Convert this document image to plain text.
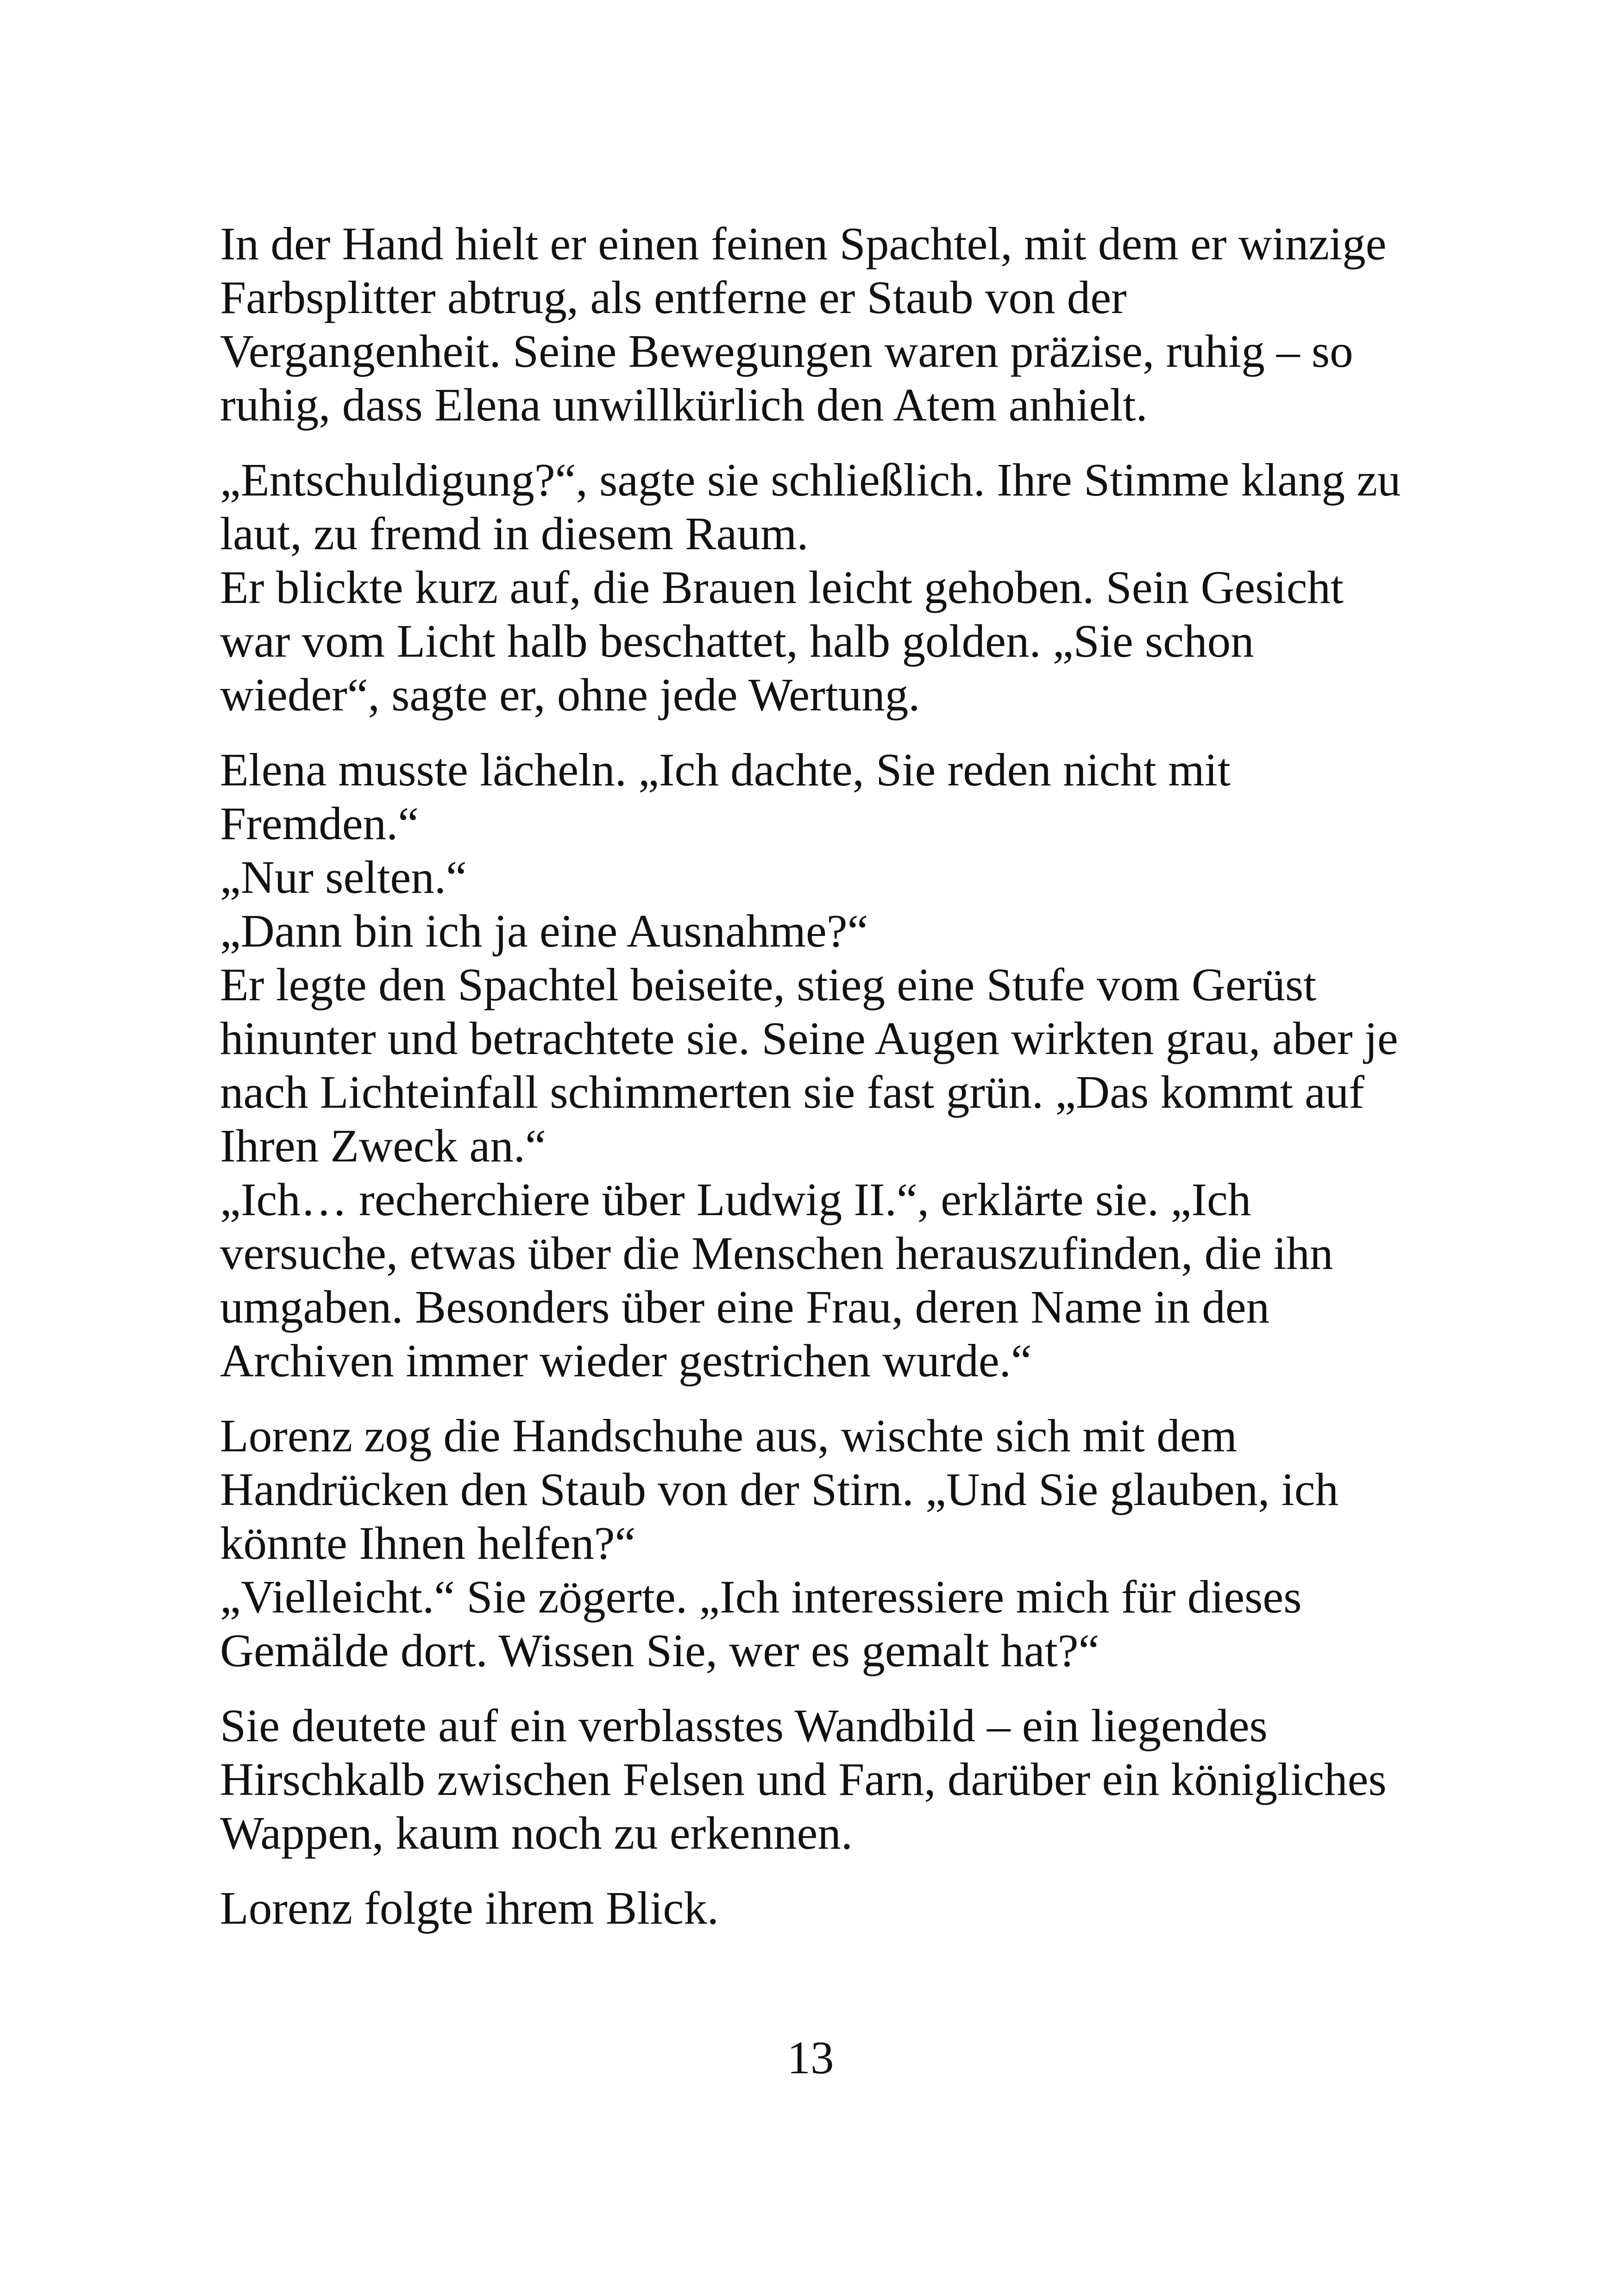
In der Hand hielt er einen feinen Spachtel, mit dem er winzige
Farbsplitter abtrug, als entferne er Staub von der
Vergangenheit. Seine Bewegungen waren präzise, ruhig – so
ruhig, dass Elena unwillkürlich den Atem anhielt.
„Entschuldigung?“, sagte sie schließlich. Ihre Stimme klang zu
laut, zu fremd in diesem Raum.
Er blickte kurz auf, die Brauen leicht gehoben. Sein Gesicht
war vom Licht halb beschattet, halb golden. „Sie schon
wieder“, sagte er, ohne jede Wertung.
Elena musste lächeln. „Ich dachte, Sie reden nicht mit
Fremden.“
„Nur selten.“
„Dann bin ich ja eine Ausnahme?“
Er legte den Spachtel beiseite, stieg eine Stufe vom Gerüst
hinunter und betrachtete sie. Seine Augen wirkten grau, aber je
nach Lichteinfall schimmerten sie fast grün. „Das kommt auf
Ihren Zweck an.“
„Ich… recherchiere über Ludwig II.“, erklärte sie. „Ich
versuche, etwas über die Menschen herauszufinden, die ihn
umgaben. Besonders über eine Frau, deren Name in den
Archiven immer wieder gestrichen wurde.“
Lorenz zog die Handschuhe aus, wischte sich mit dem
Handrücken den Staub von der Stirn. „Und Sie glauben, ich
könnte Ihnen helfen?“
„Vielleicht.“ Sie zögerte. „Ich interessiere mich für dieses
Gemälde dort. Wissen Sie, wer es gemalt hat?“
Sie deutete auf ein verblasstes Wandbild – ein liegendes
Hirschkalb zwischen Felsen und Farn, darüber ein königliches
Wappen, kaum noch zu erkennen.
Lorenz folgte ihrem Blick.
13
